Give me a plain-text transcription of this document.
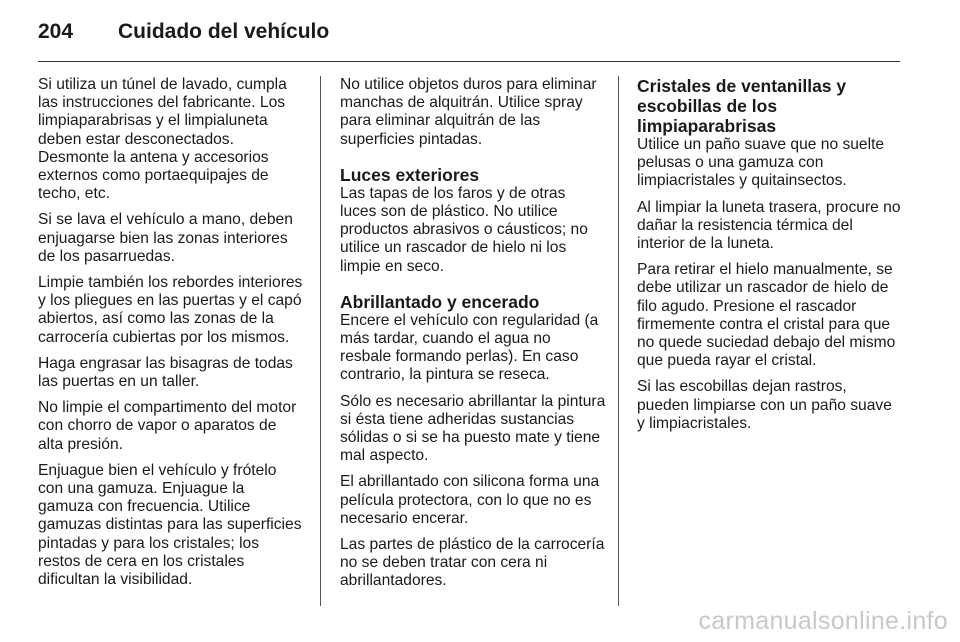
204	Cuidado del vehículo

Si utiliza un túnel de lavado, cumpla las instrucciones del fabricante. Los limpiaparabrisas y el limpialuneta deben estar desconectados. Desmonte la antena y accesorios externos como portaequipajes de techo, etc.

Si se lava el vehículo a mano, deben enjuagarse bien las zonas interiores de los pasarruedas.

Limpie también los rebordes interiores y los pliegues en las puertas y el capó abiertos, así como las zonas de la carrocería cubiertas por los mismos.

Haga engrasar las bisagras de todas las puertas en un taller.

No limpie el compartimento del motor con chorro de vapor o aparatos de alta presión.

Enjuague bien el vehículo y frótelo con una gamuza. Enjuague la gamuza con frecuencia. Utilice gamuzas distintas para las superficies pintadas y para los cristales; los restos de cera en los cristales dificultan la visibilidad.

No utilice objetos duros para eliminar manchas de alquitrán. Utilice spray para eliminar alquitrán de las superficies pintadas.

Luces exteriores

Las tapas de los faros y de otras luces son de plástico. No utilice productos abrasivos o cáusticos; no utilice un rascador de hielo ni los limpie en seco.

Abrillantado y encerado

Encere el vehículo con regularidad (a más tardar, cuando el agua no resbale formando perlas). En caso contrario, la pintura se reseca.

Sólo es necesario abrillantar la pintura si ésta tiene adheridas sustancias sólidas o si se ha puesto mate y tiene mal aspecto.

El abrillantado con silicona forma una película protectora, con lo que no es necesario encerar.

Las partes de plástico de la carrocería no se deben tratar con cera ni abrillantadores.

Cristales de ventanillas y escobillas de los limpiaparabrisas

Utilice un paño suave que no suelte pelusas o una gamuza con limpiacristales y quitainsectos.

Al limpiar la luneta trasera, procure no dañar la resistencia térmica del interior de la luneta.

Para retirar el hielo manualmente, se debe utilizar un rascador de hielo de filo agudo. Presione el rascador firmemente contra el cristal para que no quede suciedad debajo del mismo que pueda rayar el cristal.

Si las escobillas dejan rastros, pueden limpiarse con un paño suave y limpiacristales.

carmanualsonline.info
